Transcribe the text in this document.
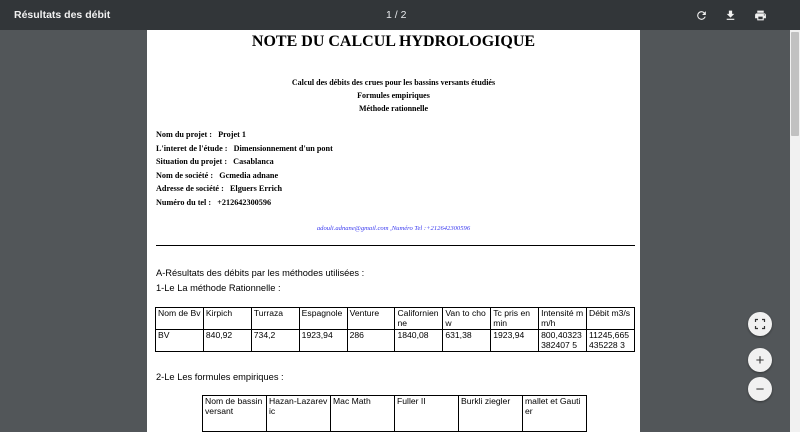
Résultats des débit	1 / 2
NOTE DU CALCUL HYDROLOGIQUE
Calcul des débits des crues pour les bassins versants étudiés
Formules empiriques
Méthode rationnelle
Nom du projet :   Projet 1
L'interet de l'étude :   Dimensionnement d'un pont
Situation du projet :   Casablanca
Nom de société :   Gcmedia adnane
Adresse de société :   Elguers Errich
Numéro du tel :   +212642300596
adouli.adnane@gmail.com ,Numéro Tel :+212642300596
A-Résultats des débits par les méthodes utilisées :
1-Le La méthode Rationnelle :
Nom de Bv	Kirpich	Turraza	Espagnole	Venture	Californienne	Van to chow	Tc pris en min	Intensité mm/h	Débit m3/s
BV	840,92	734,2	1923,94	286	1840,08	631,38	1923,94	800,40323382407 5	11245,665435228 3
2-Le Les formules empiriques :
Nom de bassin versant	Hazan-Lazarevic	Mac Math	Fuller II	Burkli ziegler	mallet et Gautier

+
−
